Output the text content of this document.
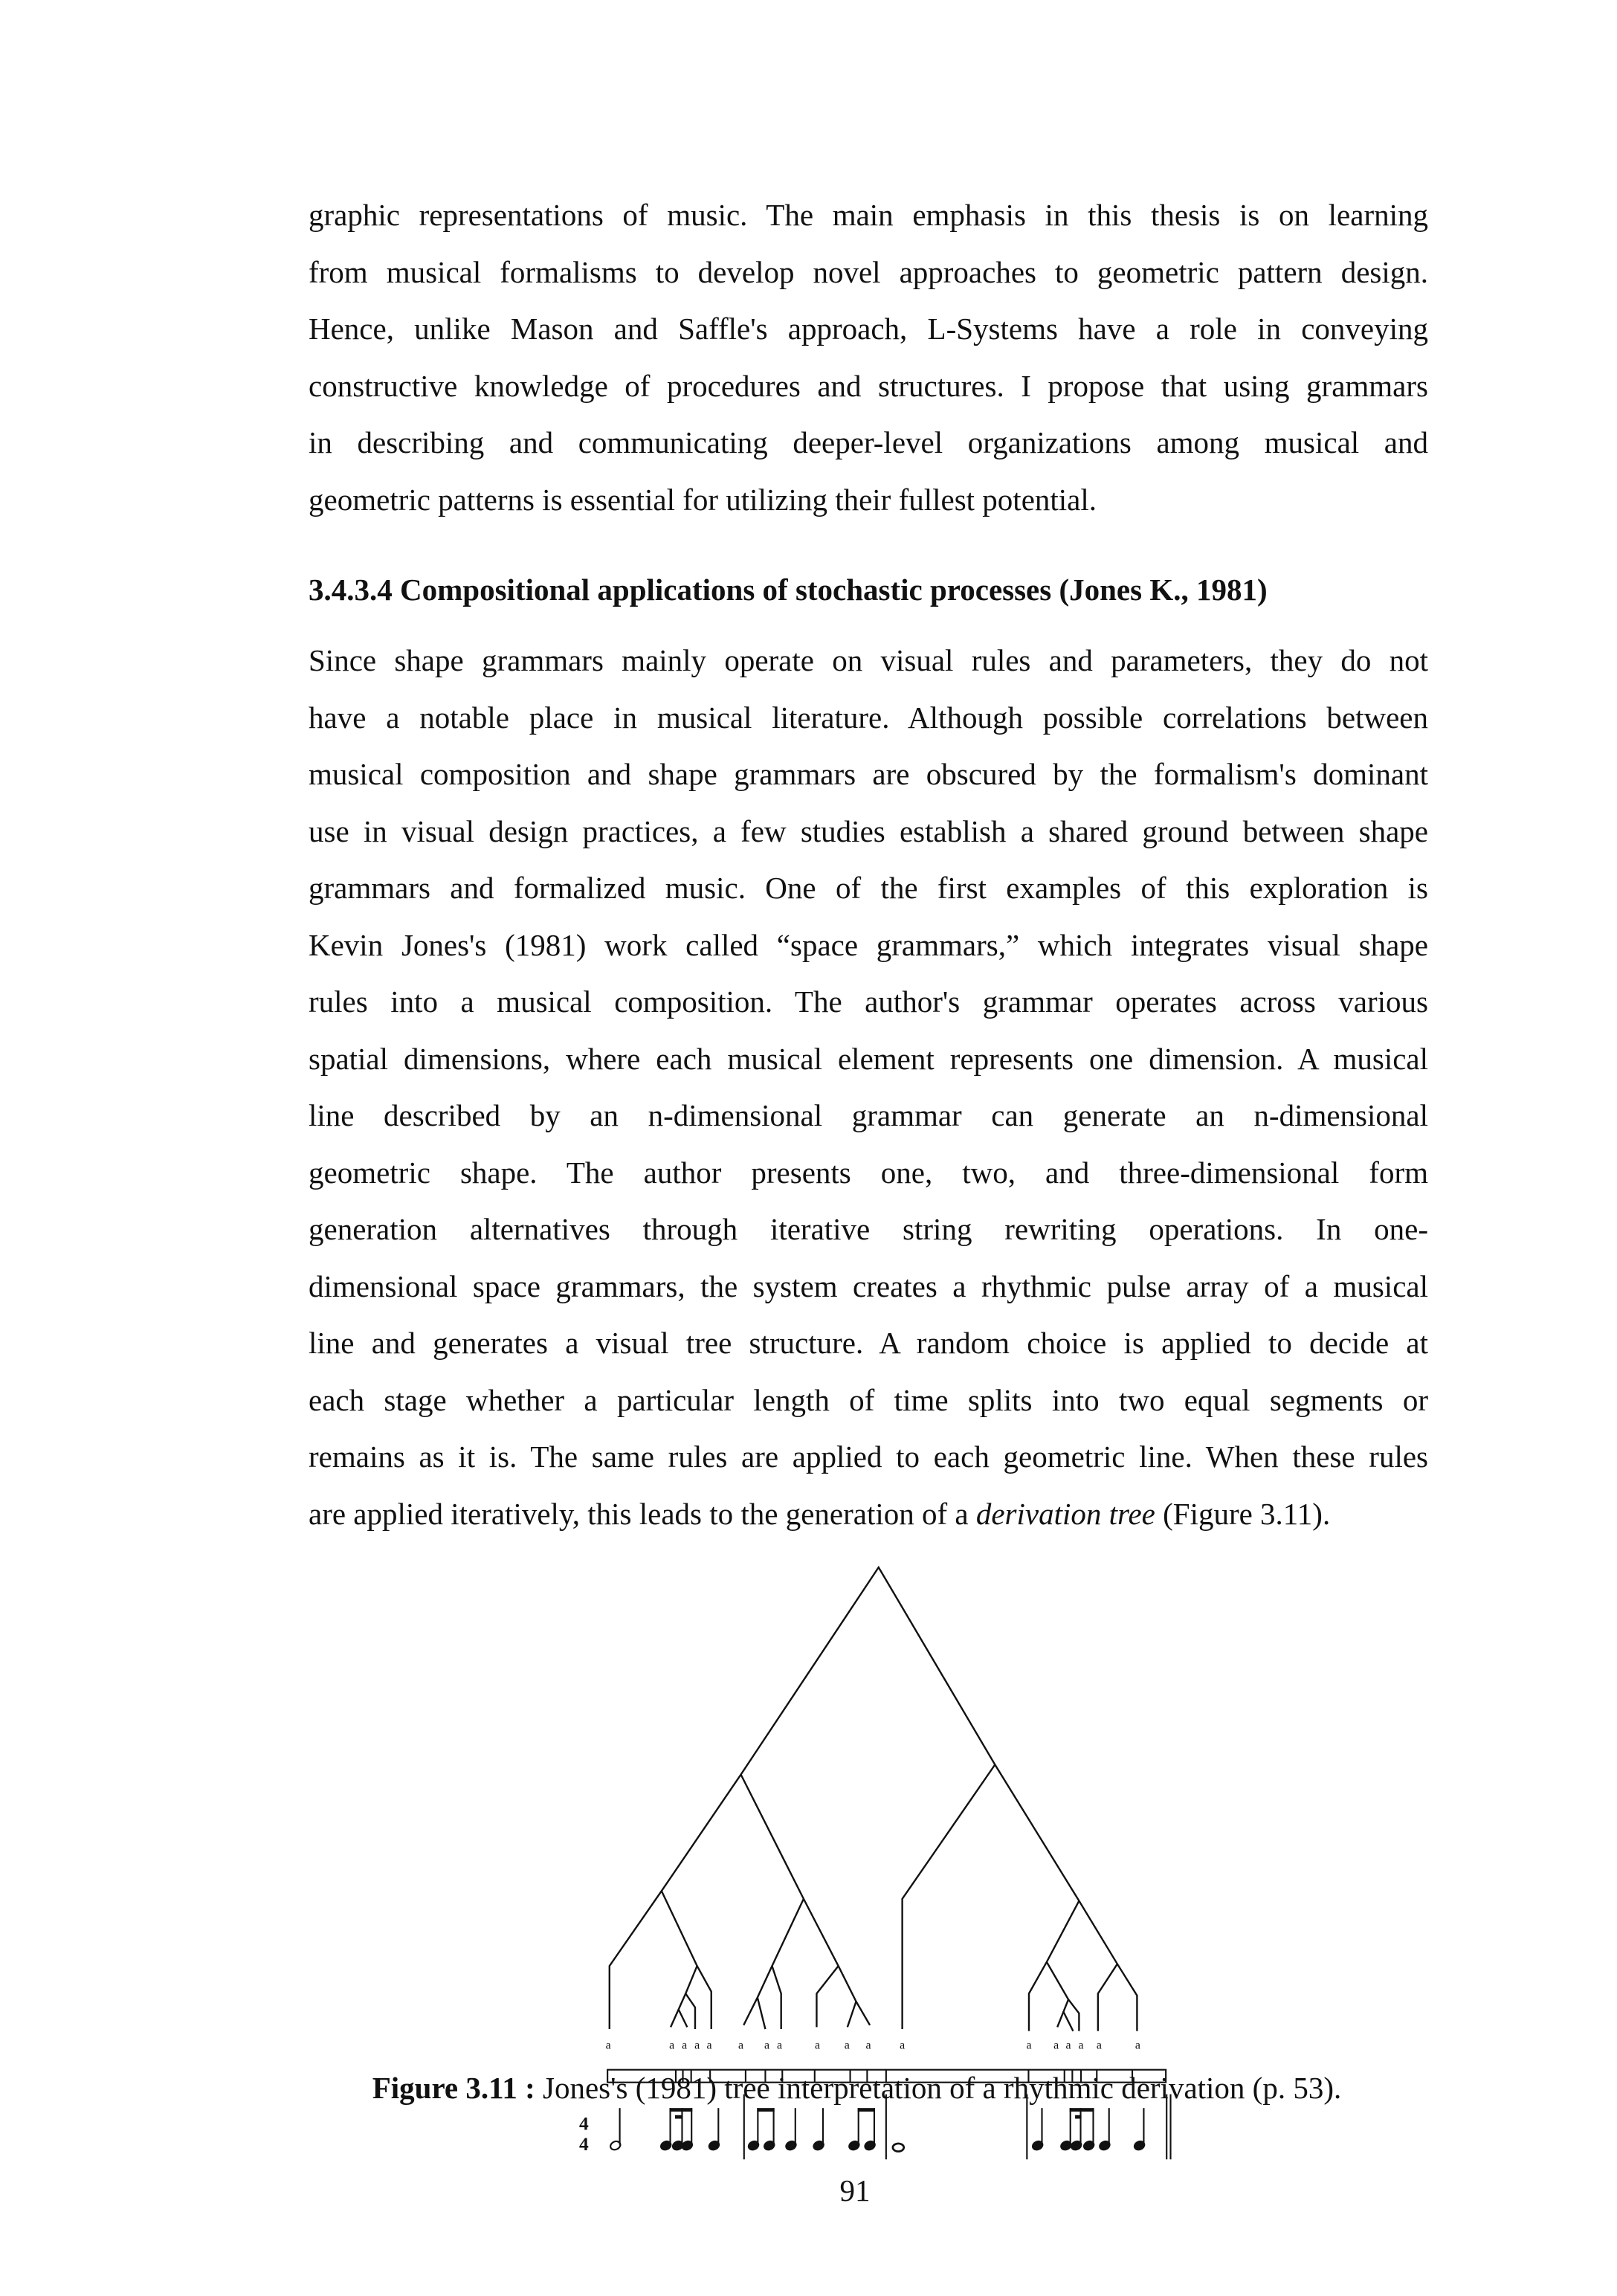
graphic representations of music. The main emphasis in this thesis is on learning
from musical formalisms to develop novel approaches to geometric pattern design.
Hence, unlike Mason and Saffle's approach, L-Systems have a role in conveying
constructive knowledge of procedures and structures. I propose that using grammars
in describing and communicating deeper-level organizations among musical and
geometric patterns is essential for utilizing their fullest potential.
3.4.3.4 Compositional applications of stochastic processes (Jones K., 1981)
Since shape grammars mainly operate on visual rules and parameters, they do not
have a notable place in musical literature. Although possible correlations between
musical composition and shape grammars are obscured by the formalism's dominant
use in visual design practices, a few studies establish a shared ground between shape
grammars and formalized music. One of the first examples of this exploration is
Kevin Jones's (1981) work called “space grammars,” which integrates visual shape
rules into a musical composition. The author's grammar operates across various
spatial dimensions, where each musical element represents one dimension. A musical
line described by an n-dimensional grammar can generate an n-dimensional
geometric shape. The author presents one, two, and three-dimensional form
generation alternatives through iterative string rewriting operations. In one-
dimensional space grammars, the system creates a rhythmic pulse array of a musical
line and generates a visual tree structure. A random choice is applied to decide at
each stage whether a particular length of time splits into two equal segments or
remains as it is. The same rules are applied to each geometric line. When these rules
are applied iteratively, this leads to the generation of a derivation tree (Figure 3.11).
a	a a a a a a a a a a a	a a a a a a
4
4
Figure 3.11 : Jones's (1981) tree interpretation of a rhythmic derivation (p. 53).
91
